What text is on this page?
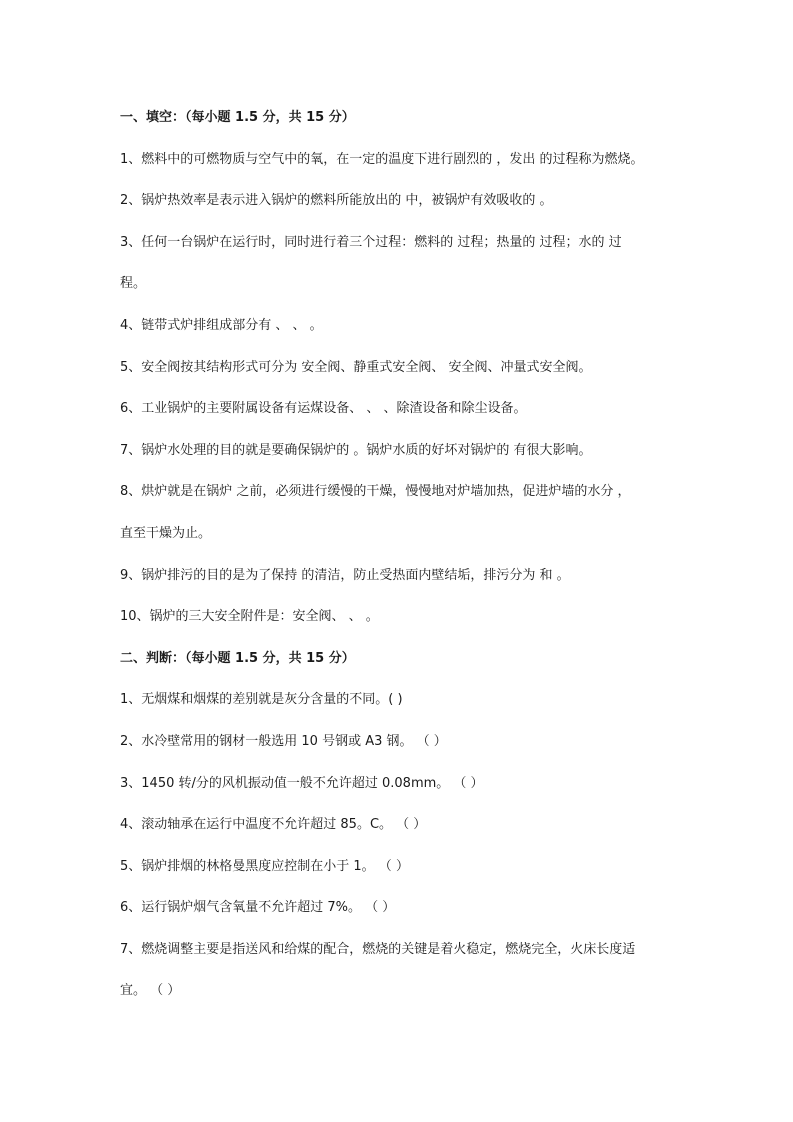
一、填空：（每小题 1.5 分，共 15 分）
1、燃料中的可燃物质与空气中的氧，在一定的温度下进行剧烈的 ，发出 的过程称为燃烧。
2、锅炉热效率是表示进入锅炉的燃料所能放出的 中，被锅炉有效吸收的 。
3、任何一台锅炉在运行时，同时进行着三个过程：燃料的 过程；热量的 过程；水的 过
程。
4、链带式炉排组成部分有 、 、 。
5、安全阀按其结构形式可分为 安全阀、静重式安全阀、 安全阀、冲量式安全阀。
6、工业锅炉的主要附属设备有运煤设备、 、 、除渣设备和除尘设备。
7、锅炉水处理的目的就是要确保锅炉的 。锅炉水质的好坏对锅炉的 有很大影响。
8、烘炉就是在锅炉 之前，必须进行缓慢的干燥，慢慢地对炉墙加热，促进炉墙的水分 ，
直至干燥为止。
9、锅炉排污的目的是为了保持 的清洁，防止受热面内壁结垢，排污分为 和 。
10、锅炉的三大安全附件是：安全阀、 、 。
二、判断：（每小题 1.5 分，共 15 分）
1、无烟煤和烟煤的差别就是灰分含量的不同。( )
2、水冷壁常用的钢材一般选用 10 号钢或 A3 钢。 （ ）
3、1450 转/分的风机振动值一般不允许超过 0.08mm。 （ ）
4、滚动轴承在运行中温度不允许超过 85。C。 （ ）
5、锅炉排烟的林格曼黑度应控制在小于 1。 （ ）
6、运行锅炉烟气含氧量不允许超过 7%。 （ ）
7、燃烧调整主要是指送风和给煤的配合，燃烧的关键是着火稳定，燃烧完全，火床长度适
宜。 （ ）
